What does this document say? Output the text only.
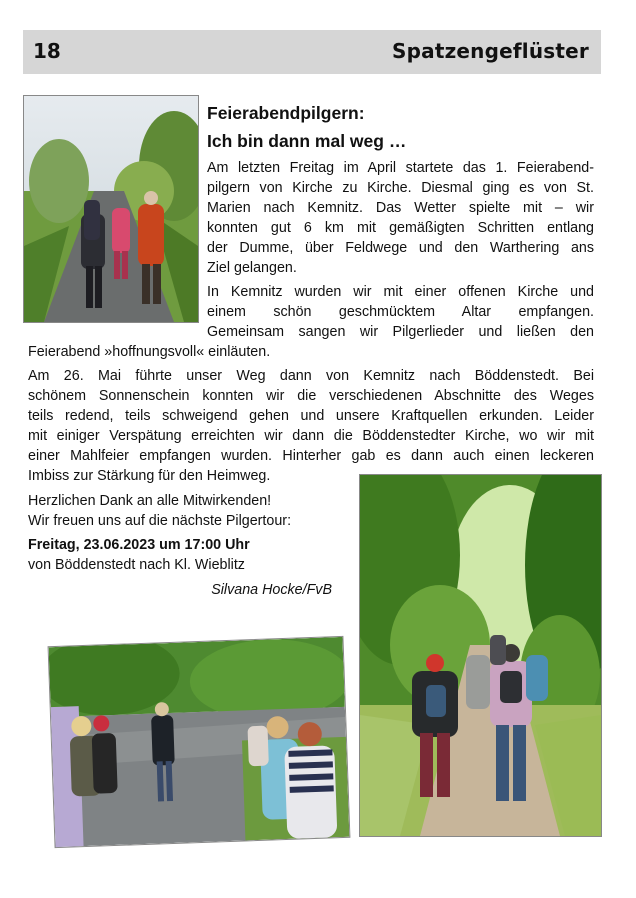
18	Spatzengeflüster
Feierabendpilgern:
Ich bin dann mal weg …
Am letzten Freitag im April startete das 1. Feierabend-
pilgern von Kirche zu Kirche. Diesmal ging es von St.
Marien nach Kemnitz. Das Wetter spielte mit – wir
konnten gut 6 km mit gemäßigten Schritten entlang
der Dumme, über Feldwege und den Warthering ans
Ziel gelangen.
In Kemnitz wurden wir mit einer offenen Kirche und
einem schön geschmücktem Altar empfangen.
Gemeinsam sangen wir Pilgerlieder und ließen den
Feierabend »hoffnungsvoll« einläuten.
Am 26. Mai führte unser Weg dann von Kemnitz nach Böddenstedt. Bei
schönem Sonnenschein konnten wir die verschiedenen Abschnitte des Weges
teils redend, teils schweigend gehen und unsere Kraftquellen erkunden. Leider
mit einiger Verspätung erreichten wir dann die Böddenstedter Kirche, wo wir mit
einer Mahlfeier empfangen wurden. Hinterher gab es dann auch einen leckeren
Imbiss zur Stärkung für den Heimweg.
Herzlichen Dank an alle Mitwirkenden!
Wir freuen uns auf die nächste Pilgertour:
Freitag, 23.06.2023 um 17:00 Uhr
von Böddenstedt nach Kl. Wieblitz
Silvana Hocke/FvB
